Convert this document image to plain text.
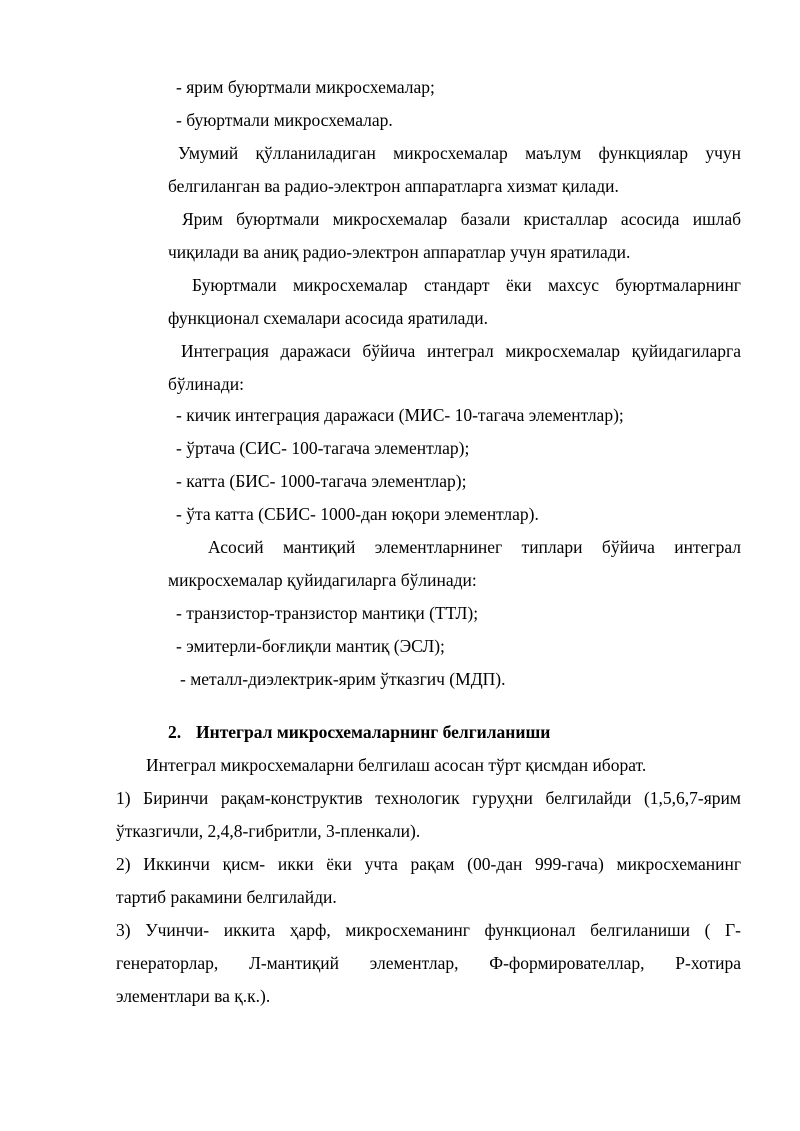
- ярим буюртмали микросхемалар;
- буюртмали микросхемалар.
Умумий қўлланиладиган микросхемалар маълум функциялар учун
белгиланган ва радио-электрон аппаратларга хизмат қилади.
Ярим буюртмали микросхемалар базали кристаллар асосида ишлаб
чиқилади ва аниқ радио-электрон аппаратлар учун яратилади.
Буюртмали микросхемалар стандарт ёки махсус буюртмаларнинг
функционал схемалари асосида яратилади.
Интеграция даражаси бўйича интеграл микросхемалар қуйидагиларга
бўлинади:
- кичик интеграция даражаси (МИС- 10-тагача элементлар);
- ўртача (СИС- 100-тагача элементлар);
- катта (БИС- 1000-тагача элементлар);
- ўта катта (СБИС- 1000-дан юқори элементлар).
Асосий мантиқий элементларнинег типлари бўйича интеграл
микросхемалар қуйидагиларга бўлинади:
- транзистор-транзистор мантиқи (ТТЛ);
- эмитерли-боғлиқли мантиқ (ЭСЛ);
- металл-диэлектрик-ярим ўтказгич (МДП).
2. Интеграл микросхемаларнинг белгиланиши
Интеграл микросхемаларни белгилаш асосан тўрт қисмдан иборат.
1) Биринчи рақам-конструктив технологик гуруҳни белгилайди (1,5,6,7-ярим
ўтказгичли, 2,4,8-гибритли, 3-пленкали).
2) Иккинчи қисм- икки ёки учта рақам (00-дан 999-гача) микросхеманинг
тартиб ракамини белгилайди.
3) Учинчи- иккита ҳарф, микросхеманинг функционал белгиланиши ( Г-
генераторлар, Л-мантиқий элементлар, Ф-формирователлар, Р-хотира
элементлари ва қ.к.).
